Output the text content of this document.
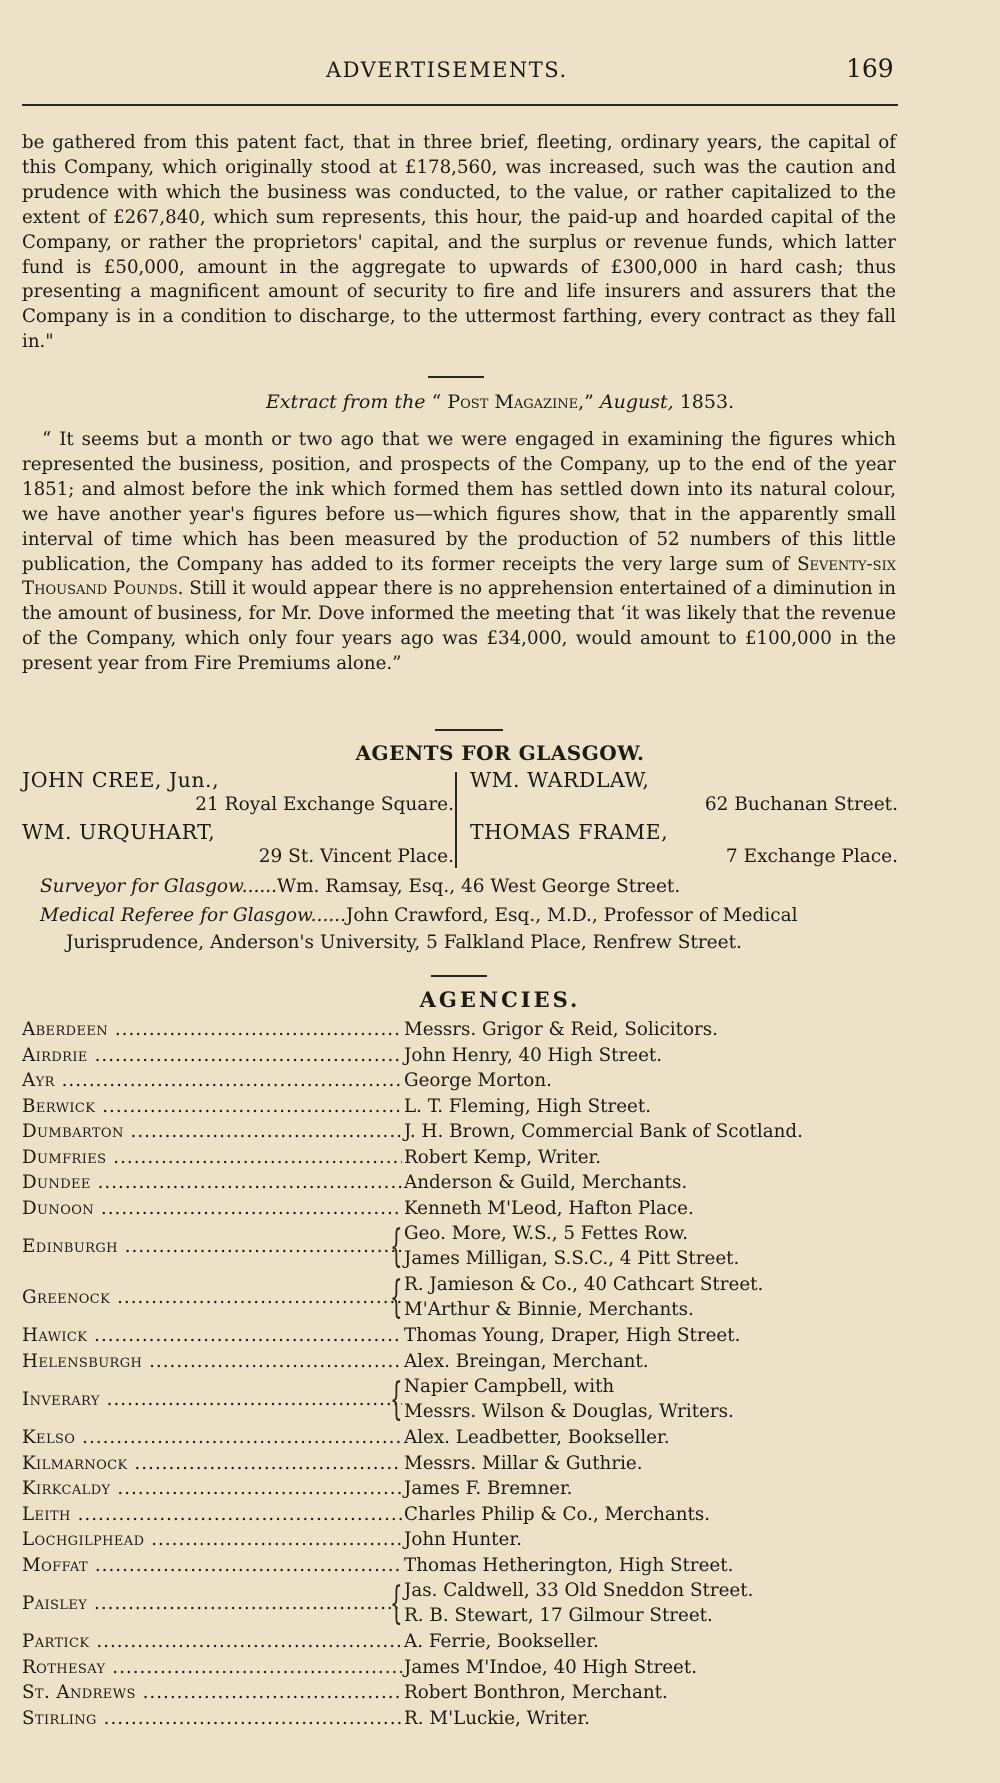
ADVERTISEMENTS.	169
be gathered from this patent fact, that in three brief, fleeting, ordinary years, the capital of this Company, which originally stood at £178,560, was increased, such was the caution and prudence with which the business was conducted, to the value, or rather capitalized to the extent of £267,840, which sum represents, this hour, the paid-up and hoarded capital of the Company, or rather the proprietors' capital, and the surplus or revenue funds, which latter fund is £50,000, amount in the aggregate to upwards of £300,000 in hard cash; thus presenting a magnificent amount of security to fire and life insurers and assurers that the Company is in a condition to discharge, to the uttermost farthing, every contract as they fall in."
Extract from the “ Post Magazine,” August, 1853.
“ It seems but a month or two ago that we were engaged in examining the figures which represented the business, position, and prospects of the Company, up to the end of the year 1851; and almost before the ink which formed them has settled down into its natural colour, we have another year's figures before us—which figures show, that in the apparently small interval of time which has been measured by the production of 52 numbers of this little publication, the Company has added to its former receipts the very large sum of Seventy-six Thousand Pounds. Still it would appear there is no apprehension entertained of a diminution in the amount of business, for Mr. Dove informed the meeting that ‘it was likely that the revenue of the Company, which only four years ago was £34,000, would amount to £100,000 in the present year from Fire Premiums alone.”
AGENTS FOR GLASGOW.
JOHN CREE, Jun.,
21 Royal Exchange Square.
WM. URQUHART,
29 St. Vincent Place.
WM. WARDLAW,
62 Buchanan Street.
THOMAS FRAME,
7 Exchange Place.
Surveyor for Glasgow......Wm. Ramsay, Esq., 46 West George Street.
Medical Referee for Glasgow......John Crawford, Esq., M.D., Professor of Medical
Jurisprudence, Anderson's University, 5 Falkland Place, Renfrew Street.
AGENCIES.
Aberdeen .....	Messrs. Grigor & Reid, Solicitors.
Airdrie .....	John Henry, 40 High Street.
Ayr .....	George Morton.
Berwick .....	L. T. Fleming, High Street.
Dumbarton .....	J. H. Brown, Commercial Bank of Scotland.
Dumfries .....	Robert Kemp, Writer.
Dundee .....	Anderson & Guild, Merchants.
Dunoon .....	Kenneth M'Leod, Hafton Place.
Edinburgh .....	{ Geo. More, W.S., 5 Fettes Row.
James Milligan, S.S.C., 4 Pitt Street.
Greenock .....	{ R. Jamieson & Co., 40 Cathcart Street.
M'Arthur & Binnie, Merchants.
Hawick .....	Thomas Young, Draper, High Street.
Helensburgh .....	Alex. Breingan, Merchant.
Inverary .....	{ Napier Campbell, with
Messrs. Wilson & Douglas, Writers.
Kelso .....	Alex. Leadbetter, Bookseller.
Kilmarnock .....	Messrs. Millar & Guthrie.
Kirkcaldy .....	James F. Bremner.
Leith .....	Charles Philip & Co., Merchants.
Lochgilphead .....	John Hunter.
Moffat .....	Thomas Hetherington, High Street.
Paisley .....	{ Jas. Caldwell, 33 Old Sneddon Street.
R. B. Stewart, 17 Gilmour Street.
Partick .....	A. Ferrie, Bookseller.
Rothesay .....	James M'Indoe, 40 High Street.
St. Andrews .....	Robert Bonthron, Merchant.
Stirling .....	R. M'Luckie, Writer.
